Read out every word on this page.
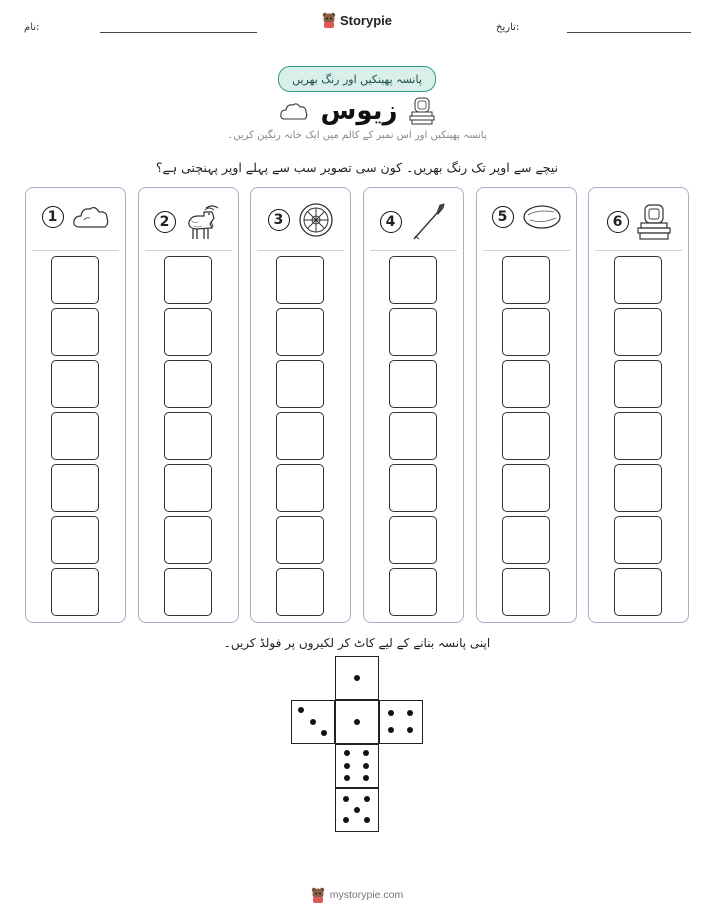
نام:	Storypie	تاریخ:
پانسہ پھینکیں اور رنگ بھریں
زیوس
پانسہ پھینکیں اور اس نمبر کے کالم میں ایک خانہ رنگین کریں۔
نیچے سے اوپر تک رنگ بھریں۔ کون سی تصویر سب سے پہلے اوپر پہنچتی ہے؟
1	2	3	4	5	6
اپنی پانسہ بنانے کے لیے کاٹ کر لکیروں پر فولڈ کریں۔
mystorypie.com
